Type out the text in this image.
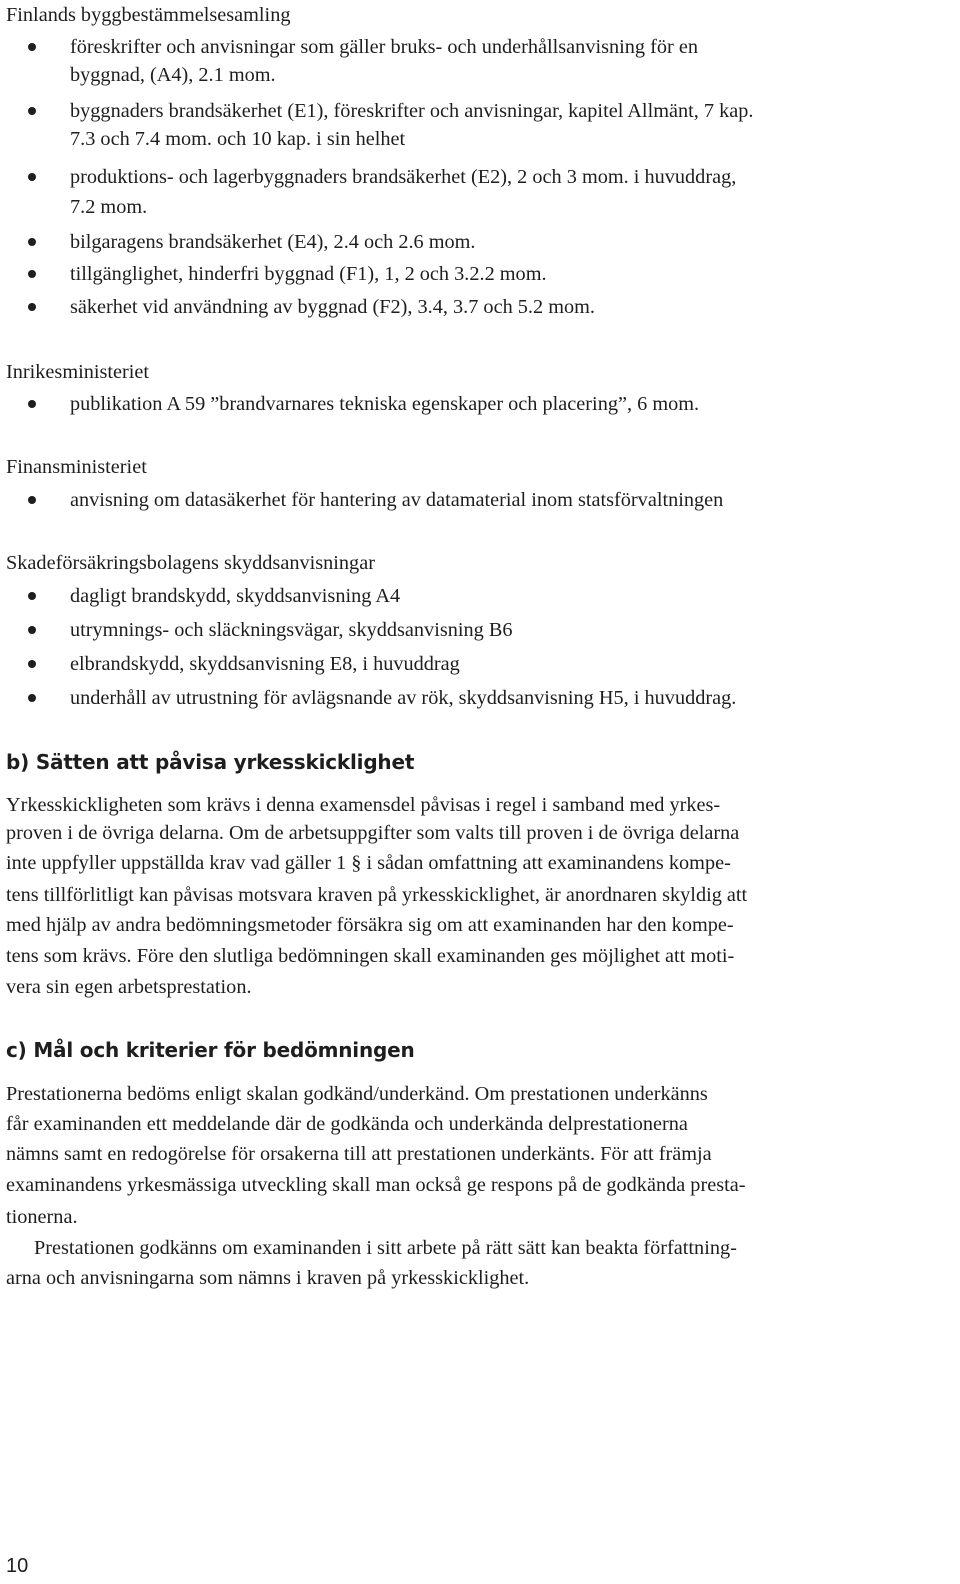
Finlands byggbestämmelsesamling
föreskrifter och anvisningar som gäller bruks- och underhållsanvisning för en
byggnad, (A4), 2.1 mom.
byggnaders brandsäkerhet (E1), föreskrifter och anvisningar, kapitel Allmänt, 7 kap.
7.3 och 7.4 mom. och 10 kap. i sin helhet
produktions- och lagerbyggnaders brandsäkerhet (E2), 2 och 3 mom. i huvuddrag,
7.2 mom.
bilgaragens brandsäkerhet (E4), 2.4 och 2.6 mom.
tillgänglighet, hinderfri byggnad (F1), 1, 2 och 3.2.2 mom.
säkerhet vid användning av byggnad (F2), 3.4, 3.7 och 5.2 mom.
Inrikesministeriet
publikation A 59 ”brandvarnares tekniska egenskaper och placering”, 6 mom.
Finansministeriet
anvisning om datasäkerhet för hantering av datamaterial inom statsförvaltningen
Skadeförsäkringsbolagens skyddsanvisningar
dagligt brandskydd, skyddsanvisning A4
utrymnings- och släckningsvägar, skyddsanvisning B6
elbrandskydd, skyddsanvisning E8, i huvuddrag
underhåll av utrustning för avlägsnande av rök, skyddsanvisning H5, i huvuddrag.
b) Sätten att påvisa yrkesskicklighet
Yrkesskickligheten som krävs i denna examensdel påvisas i regel i samband med yrkes-
proven i de övriga delarna. Om de arbetsuppgifter som valts till proven i de övriga delarna
inte uppfyller uppställda krav vad gäller 1 § i sådan omfattning att examinandens kompe-
tens tillförlitligt kan påvisas motsvara kraven på yrkesskicklighet, är anordnaren skyldig att
med hjälp av andra bedömningsmetoder försäkra sig om att examinanden har den kompe-
tens som krävs. Före den slutliga bedömningen skall examinanden ges möjlighet att moti-
vera sin egen arbetsprestation.
c) Mål och kriterier för bedömningen
Prestationerna bedöms enligt skalan godkänd/underkänd. Om prestationen underkänns
får examinanden ett meddelande där de godkända och underkända delprestationerna
nämns samt en redogörelse för orsakerna till att prestationen underkänts. För att främja
examinandens yrkesmässiga utveckling skall man också ge respons på de godkända presta-
tionerna.
Prestationen godkänns om examinanden i sitt arbete på rätt sätt kan beakta författning-
arna och anvisningarna som nämns i kraven på yrkesskicklighet.
10
